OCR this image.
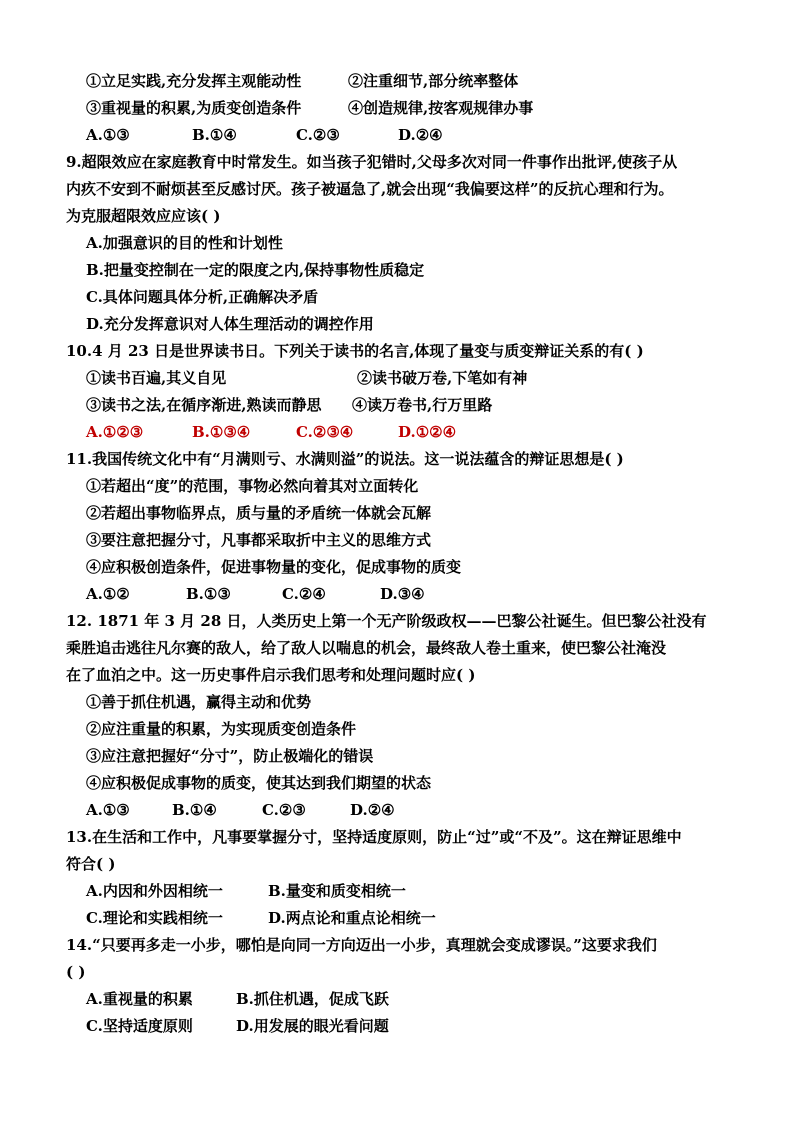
①立足实践,充分发挥主观能动性	②注重细节,部分统率整体
③重视量的积累,为质变创造条件	④创造规律,按客观规律办事
A.①③	B.①④	C.②③	D.②④
9.超限效应在家庭教育中时常发生。如当孩子犯错时,父母多次对同一件事作出批评,使孩子从
内疚不安到不耐烦甚至反感讨厌。孩子被逼急了,就会出现“我偏要这样”的反抗心理和行为。
为克服超限效应应该( )
A.加强意识的目的性和计划性
B.把量变控制在一定的限度之内,保持事物性质稳定
C.具体问题具体分析,正确解决矛盾
D.充分发挥意识对人体生理活动的调控作用
10.4 月 23 日是世界读书日。下列关于读书的名言,体现了量变与质变辩证关系的有( )
①读书百遍,其义自见	②读书破万卷,下笔如有神
③读书之法,在循序渐进,熟读而静思 ④读万卷书,行万里路
A.①②③	B.①③④	C.②③④	D.①②④
11.我国传统文化中有“月满则亏、水满则溢”的说法。这一说法蕴含的辩证思想是( )
①若超出“度”的范围，事物必然向着其对立面转化
②若超出事物临界点，质与量的矛盾统一体就会瓦解
③要注意把握分寸，凡事都采取折中主义的思维方式
④应积极创造条件，促进事物量的变化，促成事物的质变
A.①②	B.①③	C.②④	D.③④
12. 1871 年 3 月 28 日，人类历史上第一个无产阶级政权——巴黎公社诞生。但巴黎公社没有
乘胜追击逃往凡尔赛的敌人，给了敌人以喘息的机会，最终敌人卷土重来，使巴黎公社淹没
在了血泊之中。这一历史事件启示我们思考和处理问题时应( )
①善于抓住机遇，赢得主动和优势
②应注重量的积累，为实现质变创造条件
③应注意把握好“分寸”，防止极端化的错误
④应积极促成事物的质变，使其达到我们期望的状态
A.①③	B.①④	C.②③	D.②④
13.在生活和工作中，凡事要掌握分寸，坚持适度原则，防止“过”或“不及”。这在辩证思维中
符合( )
A.内因和外因相统一	B.量变和质变相统一
C.理论和实践相统一	D.两点论和重点论相统一
14.“只要再多走一小步，哪怕是向同一方向迈出一小步，真理就会变成谬误。”这要求我们
( )
A.重视量的积累	B.抓住机遇，促成飞跃
C.坚持适度原则	D.用发展的眼光看问题
